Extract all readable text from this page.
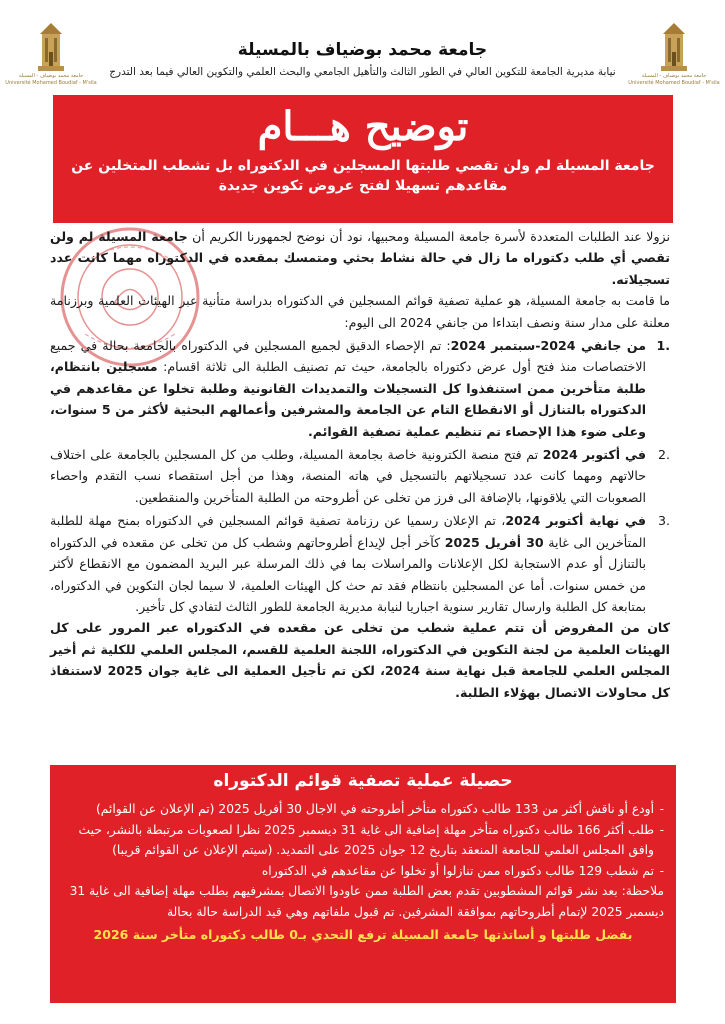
جامعة محمد بوضياف - المسيلة
Université Mohamed Boudiaf - M'sila
جامعة محمد بوضياف بالمسيلة
نيابة مديرية الجامعة للتكوين العالي في الطور الثالث والتأهيل الجامعي والبحث العلمي والتكوين العالي فيما بعد التدرج
جامعة محمد بوضياف - المسيلة
Université Mohamed Boudiaf - M'sila
توضيح هـــام
جامعة المسيلة لم ولن تقصي طلبتها المسجلين في الدكتوراه بل تشطب المتخلين عن مقاعدهم تسهيلا لفتح عروض تكوين جديدة

نزولا عند الطلبات المتعددة لأسرة جامعة المسيلة ومحبيها، نود أن نوضح لجمهورنا الكريم أن جامعة المسيلة لم ولن تقصي أي طلب دكتوراه ما زال في حالة نشاط بحثي ومتمسك بمقعده في الدكتوراه مهما كانت عدد تسجيلاته.

ما قامت به جامعة المسيلة، هو عملية تصفية قوائم المسجلين في الدكتوراه بدراسة متأنية عبر الهيئات العلمية وبرزنامة معلنة على مدار سنة ونصف ابتداءا من جانفي 2024 الى اليوم:

.1
من جانفي 2024-سبتمبر 2024: تم الإحصاء الدقيق لجميع المسجلين في الدكتوراه بالجامعة بحالة في جميع الاختصاصات منذ فتح أول عرض دكتوراه بالجامعة، حيث تم تصنيف الطلبة الى ثلاثة اقسام: مسجلين بانتظام، طلبة متأخرين ممن استنفذوا كل التسجيلات والتمديدات القانونية وطلبة تخلوا عن مقاعدهم في الدكتوراه بالتنازل أو الانقطاع التام عن الجامعة والمشرفين وأعمالهم البحثية لأكثر من 5 سنوات، وعلى ضوء هذا الإحصاء تم تنظيم عملية تصفية القوائم.
.2
في أكتوبر 2024 تم فتح منصة الكترونية خاصة بجامعة المسيلة، وطلب من كل المسجلين بالجامعة على اختلاف حالاتهم ومهما كانت عدد تسجيلاتهم بالتسجيل في هاته المنصة، وهذا من أجل استقصاء نسب التقدم واحصاء الصعوبات التي يلاقونها، بالإضافة الى فرز من تخلى عن أطروحته من الطلبة المتأخرين والمنقطعين.
.3
في نهاية أكتوبر 2024، تم الإعلان رسميا عن رزنامة تصفية قوائم المسجلين في الدكتوراه بمنح مهلة للطلبة المتأخرين الى غاية 30 أفريل 2025 كآخر أجل لإيداع أطروحاتهم وشطب كل من تخلى عن مقعده في الدكتوراه بالتنازل أو عدم الاستجابة لكل الإعلانات والمراسلات بما في ذلك المرسلة عبر البريد المضمون مع الانقطاع لأكثر من خمس سنوات. أما عن المسجلين بانتظام فقد تم حث كل الهيئات العلمية، لا سيما لجان التكوين في الدكتوراه، بمتابعة كل الطلبة وارسال تقارير سنوية اجباريا لنيابة مديرية الجامعة للطور الثالث لتفادي كل تأخير.

كان من المفروض أن تتم عملية شطب من تخلى عن مقعده في الدكتوراه عبر المرور على كل الهيئات العلمية من لجنة التكوين في الدكتوراه، اللجنة العلمية للقسم، المجلس العلمي للكلية ثم أخير المجلس العلمي للجامعة قبل نهاية سنة 2024، لكن تم تأجيل العملية الى غاية جوان 2025 لاستنفاذ كل محاولات الاتصال بهؤلاء الطلبة.

حصيلة عملية تصفية قوائم الدكتوراه
-
أودع أو ناقش أكثر من 133 طالب دكتوراه متأخر أطروحته في الاجال 30 أفريل 2025 (تم الإعلان عن القوائم)
-
طلب أكثر 166 طالب دكتوراه متأخر مهلة إضافية الى غاية 31 ديسمبر 2025 نظرا لصعوبات مرتبطة بالنشر، حيث وافق المجلس العلمي للجامعة المنعقد بتاريخ 12 جوان 2025 على التمديد. (سيتم الإعلان عن القوائم قريبا)
-
تم شطب 129 طالب دكتوراه ممن تنازلوا أو تخلوا عن مقاعدهم في الدكتوراه
ملاحظة: بعد نشر قوائم المشطوبين تقدم بعض الطلبة ممن عاودوا الاتصال بمشرفيهم بطلب مهلة إضافية الى غاية 31 ديسمبر 2025 لإتمام أطروحاتهم بموافقة المشرفين. تم قبول ملفاتهم وهي قيد الدراسة حالة بحالة
بفضل طلبتها و أساتذتها جامعة المسيلة ترفع التحدي بـ0 طالب دكتوراه متأخر سنة 2026
